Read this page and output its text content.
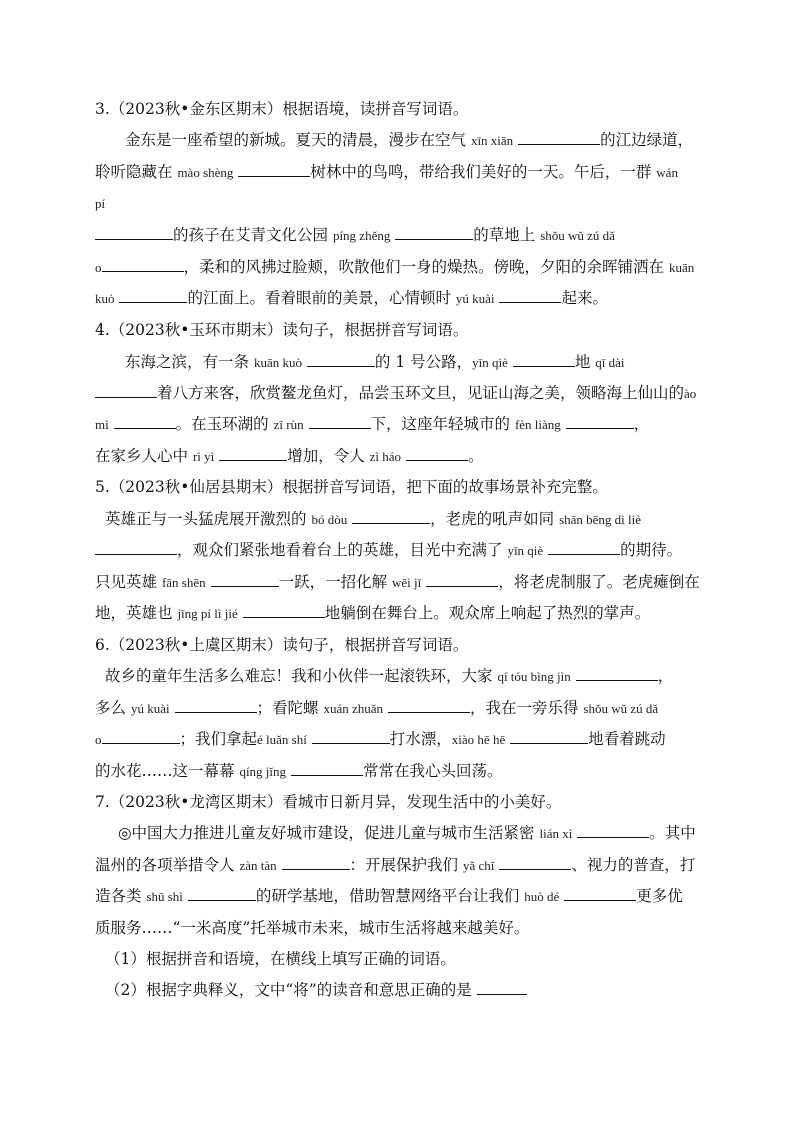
3.（2023秋•金东区期末）根据语境，读拼音写词语。
金东是一座希望的新城。夏天的清晨，漫步在空气 xīn xiān	的江边绿道，
聆听隐藏在 mào shèng	树林中的鸟鸣，带给我们美好的一天。午后，一群 wán
pí
的孩子在艾青文化公园 píng zhěng	的草地上 shǒu wǔ zú dǎ
o	，柔和的风拂过脸颊，吹散他们一身的燥热。傍晚，夕阳的余晖铺洒在 kuān
kuò	的江面上。看着眼前的美景，心情顿时 yú kuài	起来。
4.（2023秋•玉环市期末）读句子，根据拼音写词语。
东海之滨，有一条 kuān kuò	的 1 号公路，yīn qiè	地 qī dài
着八方来客，欣赏鳌龙鱼灯，品尝玉环文旦，见证山海之美，领略海上仙山的ào
mì	。在玉环湖的 zī rùn	下，这座年轻城市的 fèn liàng	，
在家乡人心中 rì yì	增加，令人 zì háo	。
5.（2023秋•仙居县期末）根据拼音写词语，把下面的故事场景补充完整。
英雄正与一头猛虎展开激烈的 bó dòu	，老虎的吼声如同 shān bēng dì liè
，观众们紧张地看着台上的英雄，目光中充满了 yīn qiè	的期待。
只见英雄 fān shēn	一跃，一招化解 wēi jī	，将老虎制服了。老虎瘫倒在
地，英雄也 jīng pí lì jié	地躺倒在舞台上。观众席上响起了热烈的掌声。
6.（2023秋•上虞区期末）读句子，根据拼音写词语。
故乡的童年生活多么难忘！我和小伙伴一起滚铁环，大家 qí tóu bìng jìn	，
多么 yú kuài	；看陀螺 xuán zhuǎn	，我在一旁乐得 shǒu wǔ zú dǎ
o	；我们拿起é luǎn shí	打水漂，xiào hē hē	地看着跳动
的水花……这一幕幕 qíng jǐng	常常在我心头回荡。
7.（2023秋•龙湾区期末）看城市日新月异，发现生活中的小美好。
◎中国大力推进儿童友好城市建设，促进儿童与城市生活紧密 lián xì	。其中
温州的各项举措令人 zàn tàn	：开展保护我们 yǎ chǐ	、视力的普查，打
造各类 shū shì	的研学基地，借助智慧网络平台让我们 huò dé	更多优
质服务……“一米高度”托举城市未来，城市生活将越来越美好。
（1）根据拼音和语境，在横线上填写正确的词语。
（2）根据字典释义，文中“将”的读音和意思正确的是
